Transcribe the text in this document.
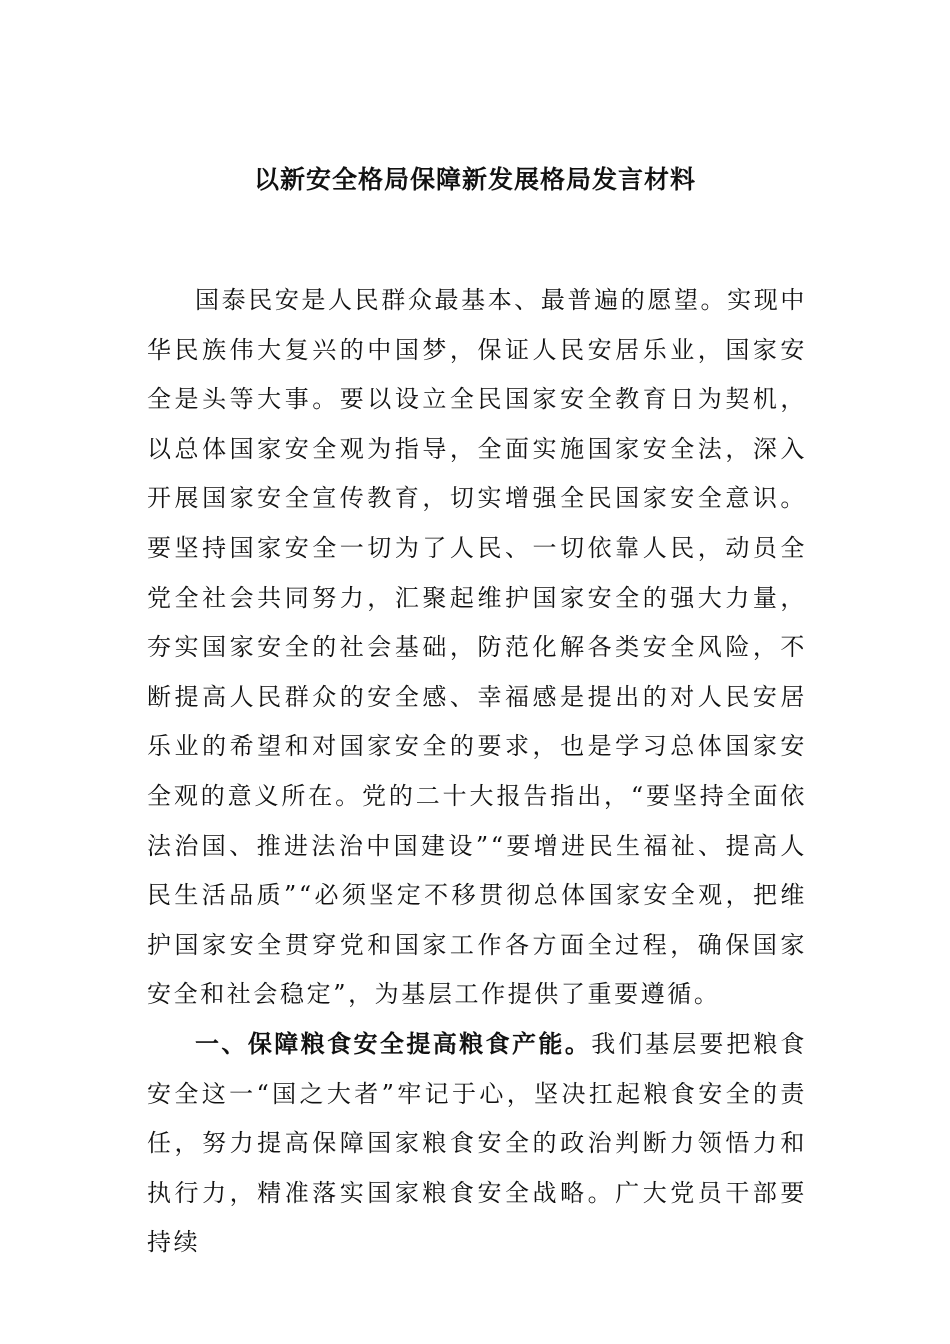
以新安全格局保障新发展格局发言材料

国泰民安是人民群众最基本、最普遍的愿望。实现中华民族伟大复兴的中国梦，保证人民安居乐业，国家安全是头等大事。要以设立全民国家安全教育日为契机，以总体国家安全观为指导，全面实施国家安全法，深入开展国家安全宣传教育，切实增强全民国家安全意识。要坚持国家安全一切为了人民、一切依靠人民，动员全党全社会共同努力，汇聚起维护国家安全的强大力量，夯实国家安全的社会基础，防范化解各类安全风险，不断提高人民群众的安全感、幸福感是提出的对人民安居乐业的希望和对国家安全的要求，也是学习总体国家安全观的意义所在。党的二十大报告指出，“要坚持全面依法治国、推进法治中国建设”“要增进民生福祉、提高人民生活品质”“必须坚定不移贯彻总体国家安全观，把维护国家安全贯穿党和国家工作各方面全过程，确保国家安全和社会稳定”，为基层工作提供了重要遵循。

一、保障粮食安全提高粮食产能。我们基层要把粮食安全这一“国之大者”牢记于心，坚决扛起粮食安全的责任，努力提高保障国家粮食安全的政治判断力领悟力和执行力，精准落实国家粮食安全战略。广大党员干部要持续
